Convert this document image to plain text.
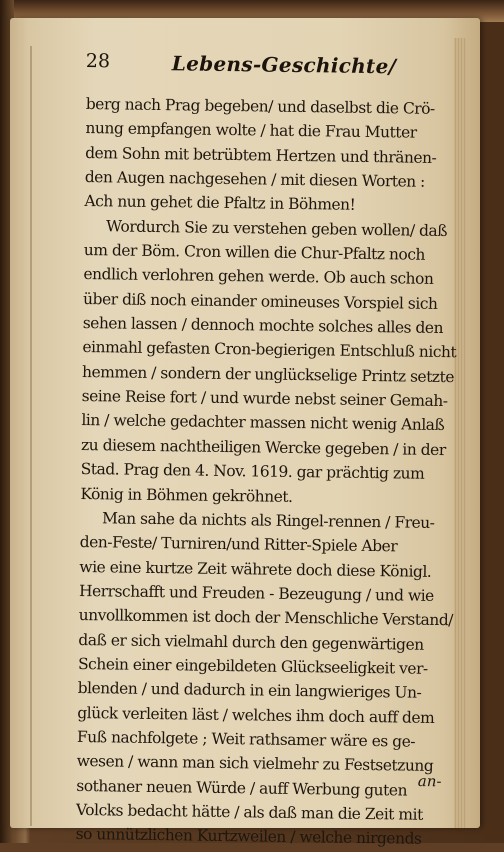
28	Lebens-Geschichte/
berg nach Prag begeben/ und daselbst die Crö-
nung empfangen wolte / hat die Frau Mutter
dem Sohn mit betrübtem Hertzen und thränen-
den Augen nachgesehen / mit diesen Worten :
Ach nun gehet die Pfaltz in Böhmen!
Wordurch Sie zu verstehen geben wollen/ daß
um der Böm. Cron willen die Chur-Pfaltz noch
endlich verlohren gehen werde. Ob auch schon
über diß noch einander omineuses Vorspiel sich
sehen lassen / dennoch mochte solches alles den
einmahl gefasten Cron-begierigen Entschluß nicht
hemmen / sondern der unglückselige Printz setzte
seine Reise fort / und wurde nebst seiner Gemah-
lin / welche gedachter massen nicht wenig Anlaß
zu diesem nachtheiligen Wercke gegeben / in der
Stad. Prag den 4. Nov. 1619. gar prächtig zum
König in Böhmen gekröhnet.
Man sahe da nichts als Ringel-rennen / Freu-
den-Feste/ Turniren/und Ritter-Spiele Aber
wie eine kurtze Zeit währete doch diese Königl.
Herrschafft und Freuden - Bezeugung / und wie
unvollkommen ist doch der Menschliche Verstand/
daß er sich vielmahl durch den gegenwärtigen
Schein einer eingebildeten Glückseeligkeit ver-
blenden / und dadurch in ein langwieriges Un-
glück verleiten läst / welches ihm doch auff dem
Fuß nachfolgete ; Weit rathsamer wäre es ge-
wesen / wann man sich vielmehr zu Festsetzung
sothaner neuen Würde / auff Werbung guten
Volcks bedacht hätte / als daß man die Zeit mit
so unnützlichen Kurtzweilen / welche nirgends
an-
